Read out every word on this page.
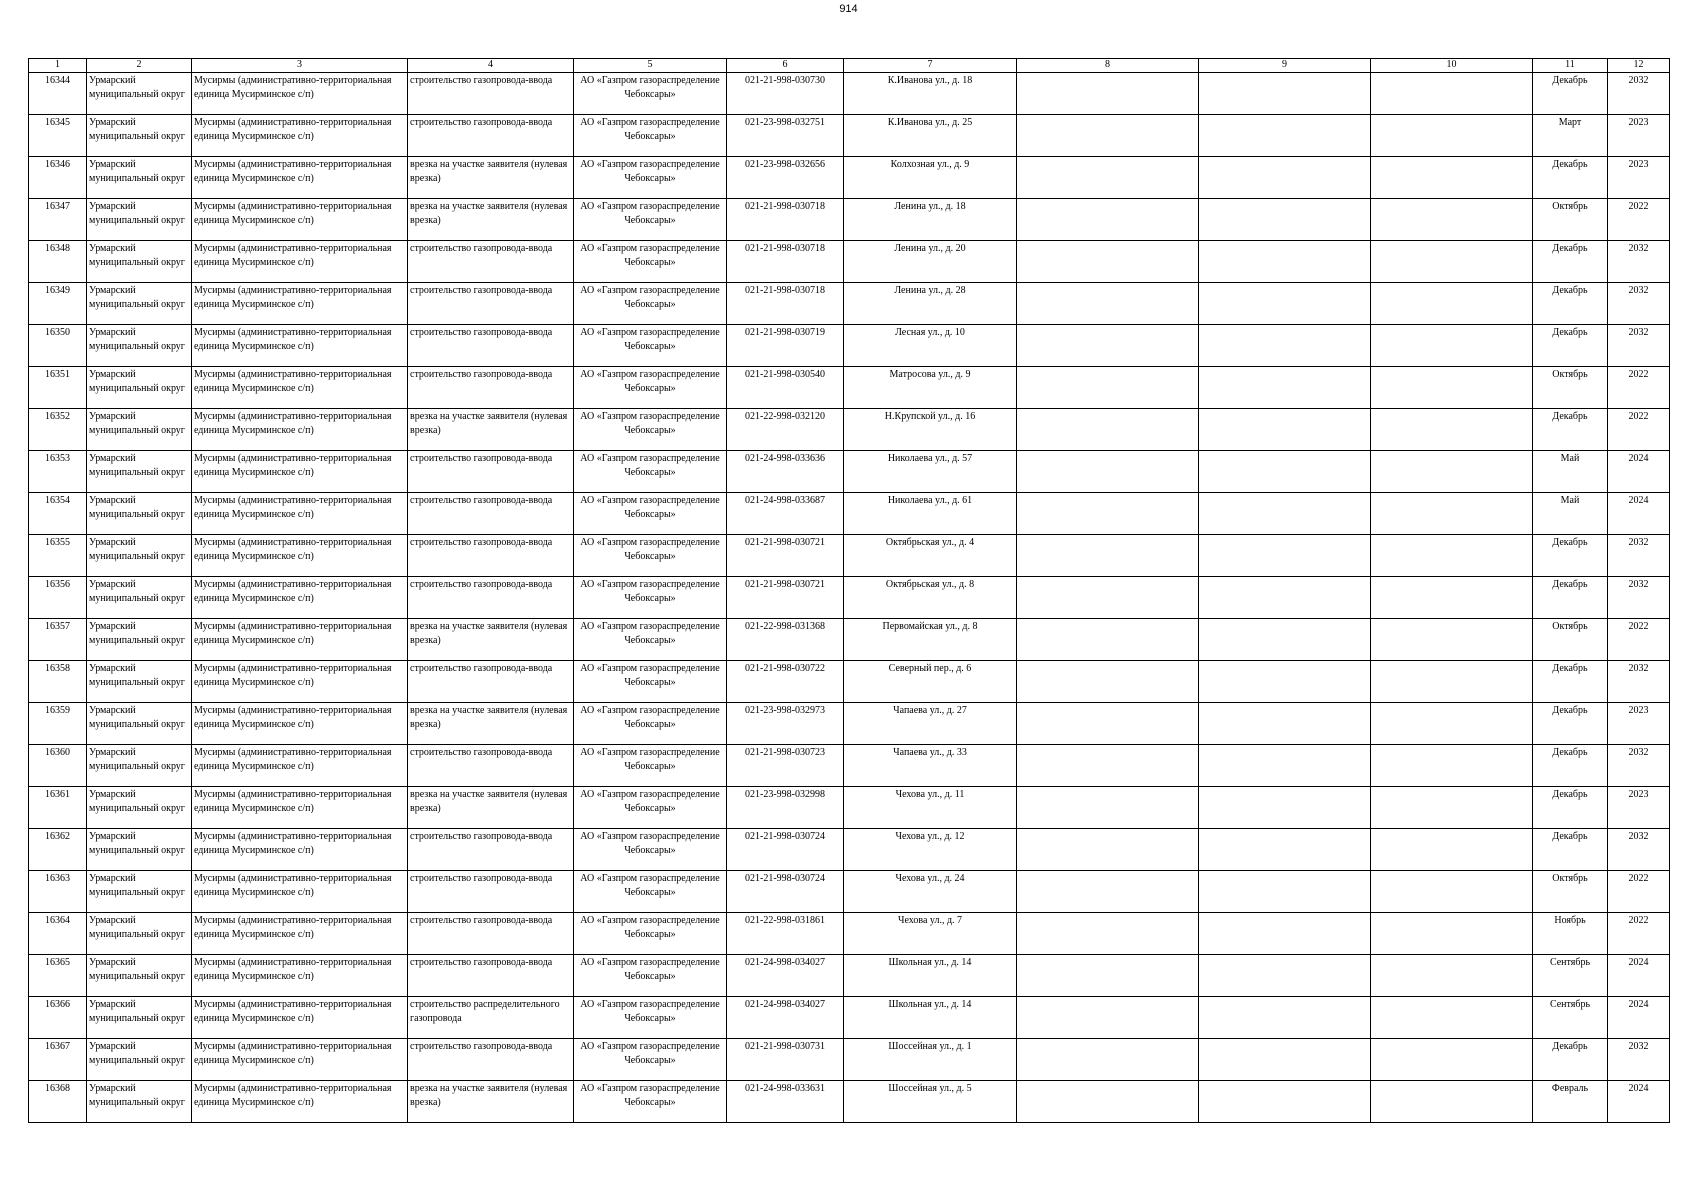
914
1	2	3	4	5	6	7	8	9	10	11	12

16344	Урмарский муниципальный округ	Мусирмы (административно-территориальная единица Мусирминское с/п)	строительство газопровода-ввода	АО «Газпром газораспределение Чебоксары»	021-21-998-030730	К.Иванова ул., д. 18				Декабрь	2032

16345	Урмарский муниципальный округ	Мусирмы (административно-территориальная единица Мусирминское с/п)	строительство газопровода-ввода	АО «Газпром газораспределение Чебоксары»	021-23-998-032751	К.Иванова ул., д. 25				Март	2023

16346	Урмарский муниципальный округ	Мусирмы (административно-территориальная единица Мусирминское с/п)	врезка на участке заявителя (нулевая врезка)	АО «Газпром газораспределение Чебоксары»	021-23-998-032656	Колхозная ул., д. 9				Декабрь	2023

16347	Урмарский муниципальный округ	Мусирмы (административно-территориальная единица Мусирминское с/п)	врезка на участке заявителя (нулевая врезка)	АО «Газпром газораспределение Чебоксары»	021-21-998-030718	Ленина ул., д. 18				Октябрь	2022

16348	Урмарский муниципальный округ	Мусирмы (административно-территориальная единица Мусирминское с/п)	строительство газопровода-ввода	АО «Газпром газораспределение Чебоксары»	021-21-998-030718	Ленина ул., д. 20				Декабрь	2032

16349	Урмарский муниципальный округ	Мусирмы (административно-территориальная единица Мусирминское с/п)	строительство газопровода-ввода	АО «Газпром газораспределение Чебоксары»	021-21-998-030718	Ленина ул., д. 28				Декабрь	2032

16350	Урмарский муниципальный округ	Мусирмы (административно-территориальная единица Мусирминское с/п)	строительство газопровода-ввода	АО «Газпром газораспределение Чебоксары»	021-21-998-030719	Лесная ул., д. 10				Декабрь	2032

16351	Урмарский муниципальный округ	Мусирмы (административно-территориальная единица Мусирминское с/п)	строительство газопровода-ввода	АО «Газпром газораспределение Чебоксары»	021-21-998-030540	Матросова ул., д. 9				Октябрь	2022

16352	Урмарский муниципальный округ	Мусирмы (административно-территориальная единица Мусирминское с/п)	врезка на участке заявителя (нулевая врезка)	АО «Газпром газораспределение Чебоксары»	021-22-998-032120	Н.Крупской ул., д. 16				Декабрь	2022

16353	Урмарский муниципальный округ	Мусирмы (административно-территориальная единица Мусирминское с/п)	строительство газопровода-ввода	АО «Газпром газораспределение Чебоксары»	021-24-998-033636	Николаева ул., д. 57				Май	2024

16354	Урмарский муниципальный округ	Мусирмы (административно-территориальная единица Мусирминское с/п)	строительство газопровода-ввода	АО «Газпром газораспределение Чебоксары»	021-24-998-033687	Николаева ул., д. 61				Май	2024

16355	Урмарский муниципальный округ	Мусирмы (административно-территориальная единица Мусирминское с/п)	строительство газопровода-ввода	АО «Газпром газораспределение Чебоксары»	021-21-998-030721	Октябрьская ул., д. 4				Декабрь	2032

16356	Урмарский муниципальный округ	Мусирмы (административно-территориальная единица Мусирминское с/п)	строительство газопровода-ввода	АО «Газпром газораспределение Чебоксары»	021-21-998-030721	Октябрьская ул., д. 8				Декабрь	2032

16357	Урмарский муниципальный округ	Мусирмы (административно-территориальная единица Мусирминское с/п)	врезка на участке заявителя (нулевая врезка)	АО «Газпром газораспределение Чебоксары»	021-22-998-031368	Первомайская ул., д. 8				Октябрь	2022

16358	Урмарский муниципальный округ	Мусирмы (административно-территориальная единица Мусирминское с/п)	строительство газопровода-ввода	АО «Газпром газораспределение Чебоксары»	021-21-998-030722	Северный пер., д. 6				Декабрь	2032

16359	Урмарский муниципальный округ	Мусирмы (административно-территориальная единица Мусирминское с/п)	врезка на участке заявителя (нулевая врезка)	АО «Газпром газораспределение Чебоксары»	021-23-998-032973	Чапаева ул., д. 27				Декабрь	2023

16360	Урмарский муниципальный округ	Мусирмы (административно-территориальная единица Мусирминское с/п)	строительство газопровода-ввода	АО «Газпром газораспределение Чебоксары»	021-21-998-030723	Чапаева ул., д. 33				Декабрь	2032

16361	Урмарский муниципальный округ	Мусирмы (административно-территориальная единица Мусирминское с/п)	врезка на участке заявителя (нулевая врезка)	АО «Газпром газораспределение Чебоксары»	021-23-998-032998	Чехова ул., д. 11				Декабрь	2023

16362	Урмарский муниципальный округ	Мусирмы (административно-территориальная единица Мусирминское с/п)	строительство газопровода-ввода	АО «Газпром газораспределение Чебоксары»	021-21-998-030724	Чехова ул., д. 12				Декабрь	2032

16363	Урмарский муниципальный округ	Мусирмы (административно-территориальная единица Мусирминское с/п)	строительство газопровода-ввода	АО «Газпром газораспределение Чебоксары»	021-21-998-030724	Чехова ул., д. 24				Октябрь	2022

16364	Урмарский муниципальный округ	Мусирмы (административно-территориальная единица Мусирминское с/п)	строительство газопровода-ввода	АО «Газпром газораспределение Чебоксары»	021-22-998-031861	Чехова ул., д. 7				Ноябрь	2022

16365	Урмарский муниципальный округ	Мусирмы (административно-территориальная единица Мусирминское с/п)	строительство газопровода-ввода	АО «Газпром газораспределение Чебоксары»	021-24-998-034027	Школьная ул., д. 14				Сентябрь	2024

16366	Урмарский муниципальный округ	Мусирмы (административно-территориальная единица Мусирминское с/п)	строительство распределительного газопровода	АО «Газпром газораспределение Чебоксары»	021-24-998-034027	Школьная ул., д. 14				Сентябрь	2024

16367	Урмарский муниципальный округ	Мусирмы (административно-территориальная единица Мусирминское с/п)	строительство газопровода-ввода	АО «Газпром газораспределение Чебоксары»	021-21-998-030731	Шоссейная ул., д. 1				Декабрь	2032

16368	Урмарский муниципальный округ	Мусирмы (административно-территориальная единица Мусирминское с/п)	врезка на участке заявителя (нулевая врезка)	АО «Газпром газораспределение Чебоксары»	021-24-998-033631	Шоссейная ул., д. 5				Февраль	2024
